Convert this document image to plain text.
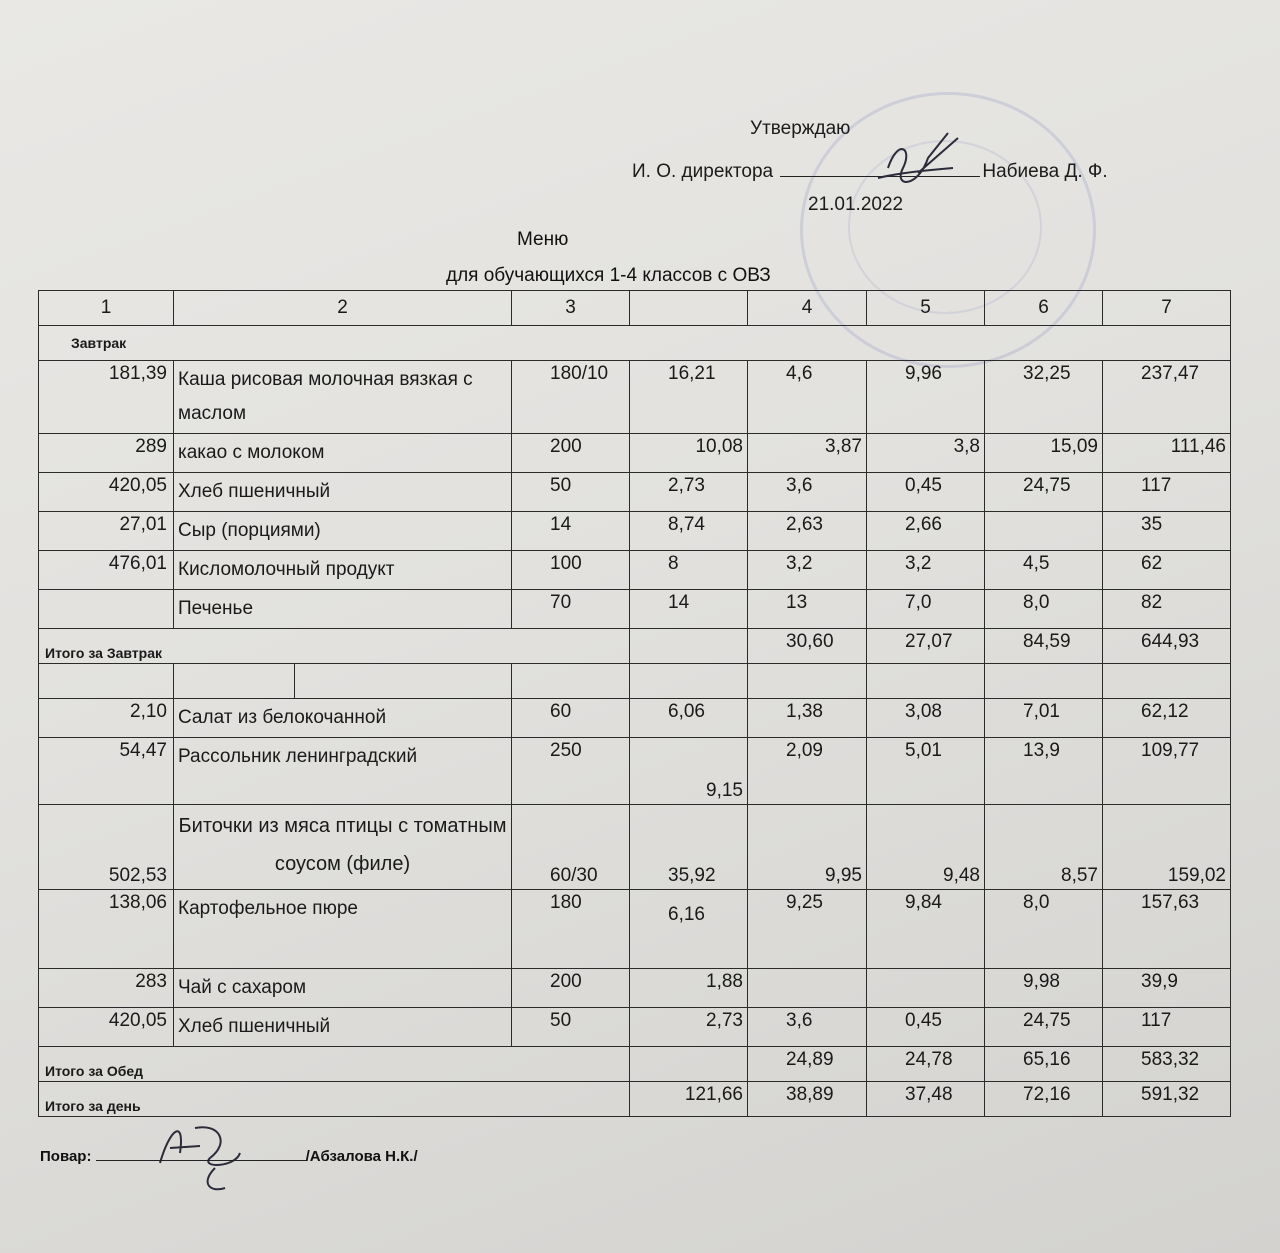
Утверждаю
И. О. директора	Набиева Д. Ф.
21.01.2022
Меню
для обучающихся 1-4 классов с ОВЗ
1	2	3		4	5	6	7
Завтрак							
181,39	Каша рисовая молочная вязкая с маслом	180/10	16,21	4,6	9,96	32,25	237,47
289	какао с молоком	200	10,08	3,87	3,8	15,09	111,46
420,05	Хлеб пшеничный	50	2,73	3,6	0,45	24,75	117
27,01	Сыр (порциями)	14	8,74	2,63	2,66		35
476,01	Кисломолочный продукт	100	8	3,2	3,2	4,5	62
	Печенье	70	14	13	7,0	8,0	82
Итого за Завтрак				30,60	27,07	84,59	644,93

2,10	Салат из белокочанной	60	6,06	1,38	3,08	7,01	62,12
54,47	Рассольник ленинградский	250	9,15	2,09	5,01	13,9	109,77
502,53	Биточки из мяса птицы с томатным соусом (филе)	60/30	35,92	9,95	9,48	8,57	159,02
138,06	Картофельное пюре	180	6,16	9,25	9,84	8,0	157,63
283	Чай с сахаром	200	1,88			9,98	39,9
420,05	Хлеб пшеничный	50	2,73	3,6	0,45	24,75	117
Итого за Обед				24,89	24,78	65,16	583,32
Итого за день			121,66	38,89	37,48	72,16	591,32
Повар:	/Абзалова Н.К./
